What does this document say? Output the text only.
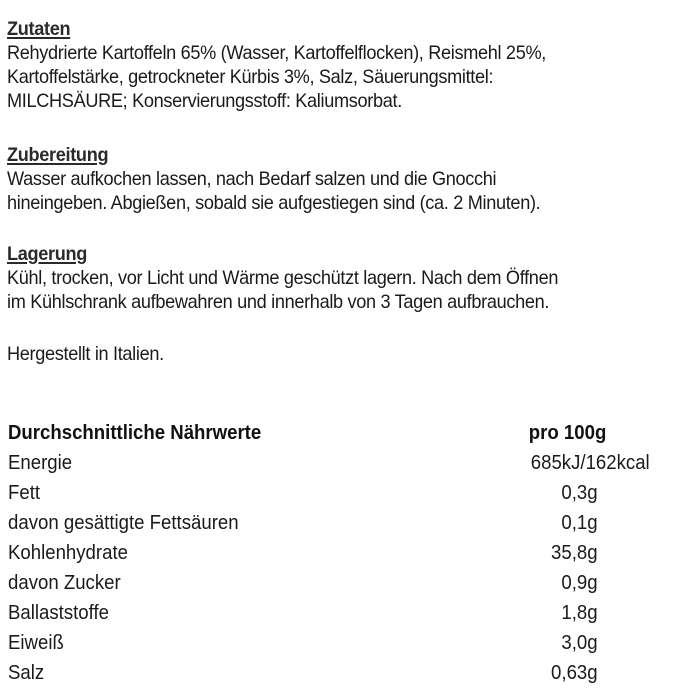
Zutaten
Rehydrierte Kartoffeln 65% (Wasser, Kartoffelflocken), Reismehl 25%,
Kartoffelstärke, getrockneter Kürbis 3%, Salz, Säuerungsmittel:
MILCHSÄURE; Konservierungsstoff: Kaliumsorbat.
Zubereitung
Wasser aufkochen lassen, nach Bedarf salzen und die Gnocchi
hineingeben. Abgießen, sobald sie aufgestiegen sind (ca. 2 Minuten).
Lagerung
Kühl, trocken, vor Licht und Wärme geschützt lagern. Nach dem Öffnen
im Kühlschrank aufbewahren und innerhalb von 3 Tagen aufbrauchen.
Hergestellt in Italien.
Durchschnittliche Nährwerte	pro 100g
Energie	685kJ/162kcal
Fett	0,3g
davon gesättigte Fettsäuren	0,1g
Kohlenhydrate	35,8g
davon Zucker	0,9g
Ballaststoffe	1,8g
Eiweiß	3,0g
Salz	0,63g
